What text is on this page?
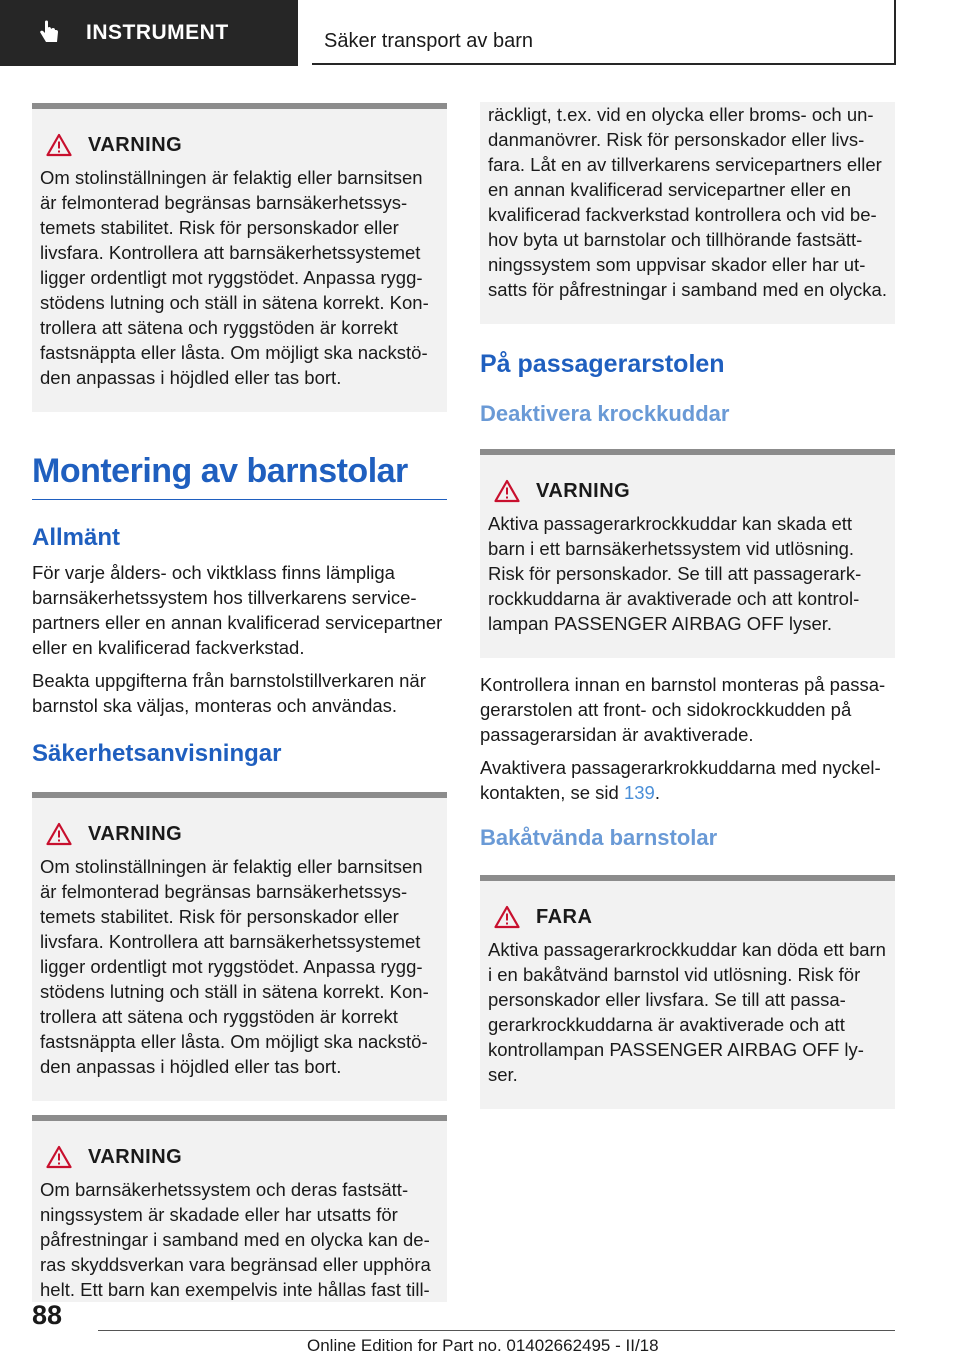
INSTRUMENT	Säker transport av barn
VARNING

Om stolinställningen är felaktig eller barnsitsen är felmonterad begränsas barnsäkerhetssystemets stabilitet. Risk för personskador eller livsfara. Kontrollera att barnsäkerhetssystemet ligger ordentligt mot ryggstödet. Anpassa ryggstödens lutning och ställ in sätena korrekt. Kontrollera att sätena och ryggstöden är korrekt fastsnäppta eller låsta. Om möjligt ska nackstöden anpassas i höjdled eller tas bort.

Montering av barnstolar
Allmänt

För varje ålders- och viktklass finns lämpliga barnsäkerhetssystem hos tillverkarens servicepartners eller en annan kvalificerad servicepartner eller en kvalificerad fackverkstad.

Beakta uppgifterna från barnstolstillverkaren när barnstol ska väljas, monteras och användas.

Säkerhetsanvisningar
VARNING

Om stolinställningen är felaktig eller barnsitsen är felmonterad begränsas barnsäkerhetssystemets stabilitet. Risk för personskador eller livsfara. Kontrollera att barnsäkerhetssystemet ligger ordentligt mot ryggstödet. Anpassa ryggstödens lutning och ställ in sätena korrekt. Kontrollera att sätena och ryggstöden är korrekt fastsnäppta eller låsta. Om möjligt ska nackstöden anpassas i höjdled eller tas bort.

VARNING

Om barnsäkerhetssystem och deras fastsättningssystem är skadade eller har utsatts för påfrestningar i samband med en olycka kan deras skyddsverkan vara begränsad eller upphöra helt. Ett barn kan exempelvis inte hållas fast till-

räckligt, t.ex. vid en olycka eller broms- och undanmanövrer. Risk för personskador eller livsfara. Låt en av tillverkarens servicepartners eller en annan kvalificerad servicepartner eller en kvalificerad fackverkstad kontrollera och vid behov byta ut barnstolar och tillhörande fastsättningssystem som uppvisar skador eller har utsatts för påfrestningar i samband med en olycka.

På passagerarstolen
Deaktivera krockkuddar
VARNING

Aktiva passagerarkrockkuddar kan skada ett barn i ett barnsäkerhetssystem vid utlösning. Risk för personskador. Se till att passagerarkrockkuddarna är avaktiverade och att kontrollampan PASSENGER AIRBAG OFF lyser.

Kontrollera innan en barnstol monteras på passagerarstolen att front- och sidokrockkudden på passagerarsidan är avaktiverade.

Avaktivera passagerarkrokkuddarna med nyckelkontakten, se sid 139.

Bakåtvända barnstolar
FARA

Aktiva passagerarkrockkuddar kan döda ett barn i en bakåtvänd barnstol vid utlösning. Risk för personskador eller livsfara. Se till att passagerarkrockkuddarna är avaktiverade och att kontrollampan PASSENGER AIRBAG OFF lyser.

88
Online Edition for Part no. 01402662495 - II/18
